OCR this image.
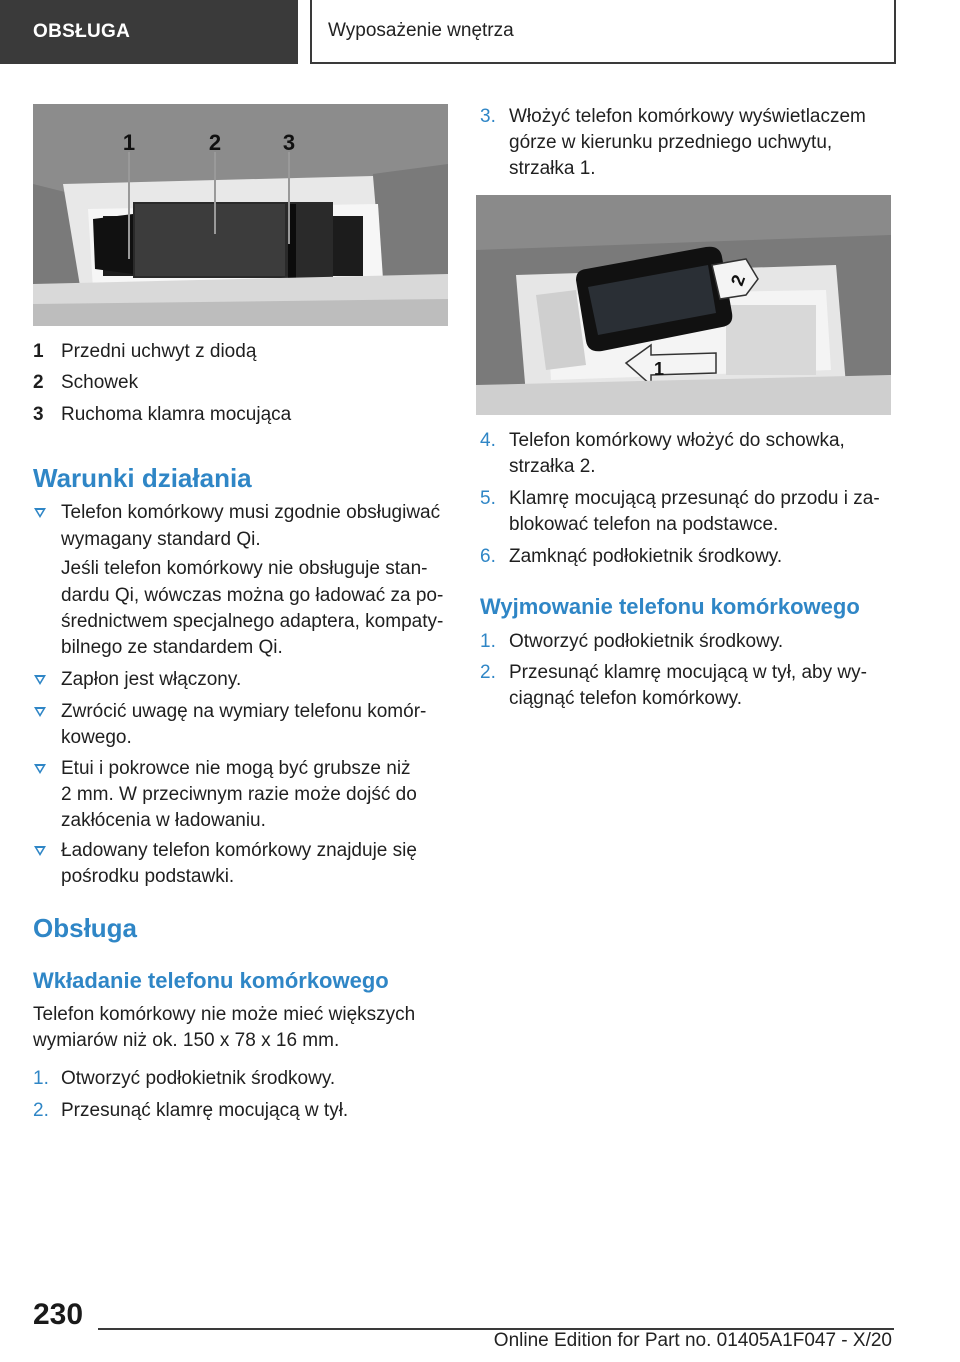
OBSŁUGA	Wyposażenie wnętrza
1	2	3
1 Przedni uchwyt z diodą
2 Schowek
3 Ruchoma klamra mocująca
Warunki działania
Telefon komórkowy musi zgodnie obsługiwać
wymagany standard Qi.
Jeśli telefon komórkowy nie obsługuje stan-
dardu Qi, wówczas można go ładować za po-
średnictwem specjalnego adaptera, kompaty-
bilnego ze standardem Qi.
Zapłon jest włączony.
Zwrócić uwagę na wymiary telefonu komór-
kowego.
Etui i pokrowce nie mogą być grubsze niż
2 mm. W przeciwnym razie może dojść do
zakłócenia w ładowaniu.
Ładowany telefon komórkowy znajduje się
pośrodku podstawki.
Obsługa
Wkładanie telefonu komórkowego
Telefon komórkowy nie może mieć większych
wymiarów niż ok. 150 x 78 x 16 mm.
1. Otworzyć podłokietnik środkowy.
2. Przesunąć klamrę mocującą w tył.
3. Włożyć telefon komórkowy wyświetlaczem
górze w kierunku przedniego uchwytu,
strzałka 1.
2
1
4. Telefon komórkowy włożyć do schowka,
strzałka 2.
5. Klamrę mocującą przesunąć do przodu i za-
blokować telefon na podstawce.
6. Zamknąć podłokietnik środkowy.
Wyjmowanie telefonu komórkowego
1. Otworzyć podłokietnik środkowy.
2. Przesunąć klamrę mocującą w tył, aby wy-
ciągnąć telefon komórkowy.
230
Online Edition for Part no. 01405A1F047 - X/20
